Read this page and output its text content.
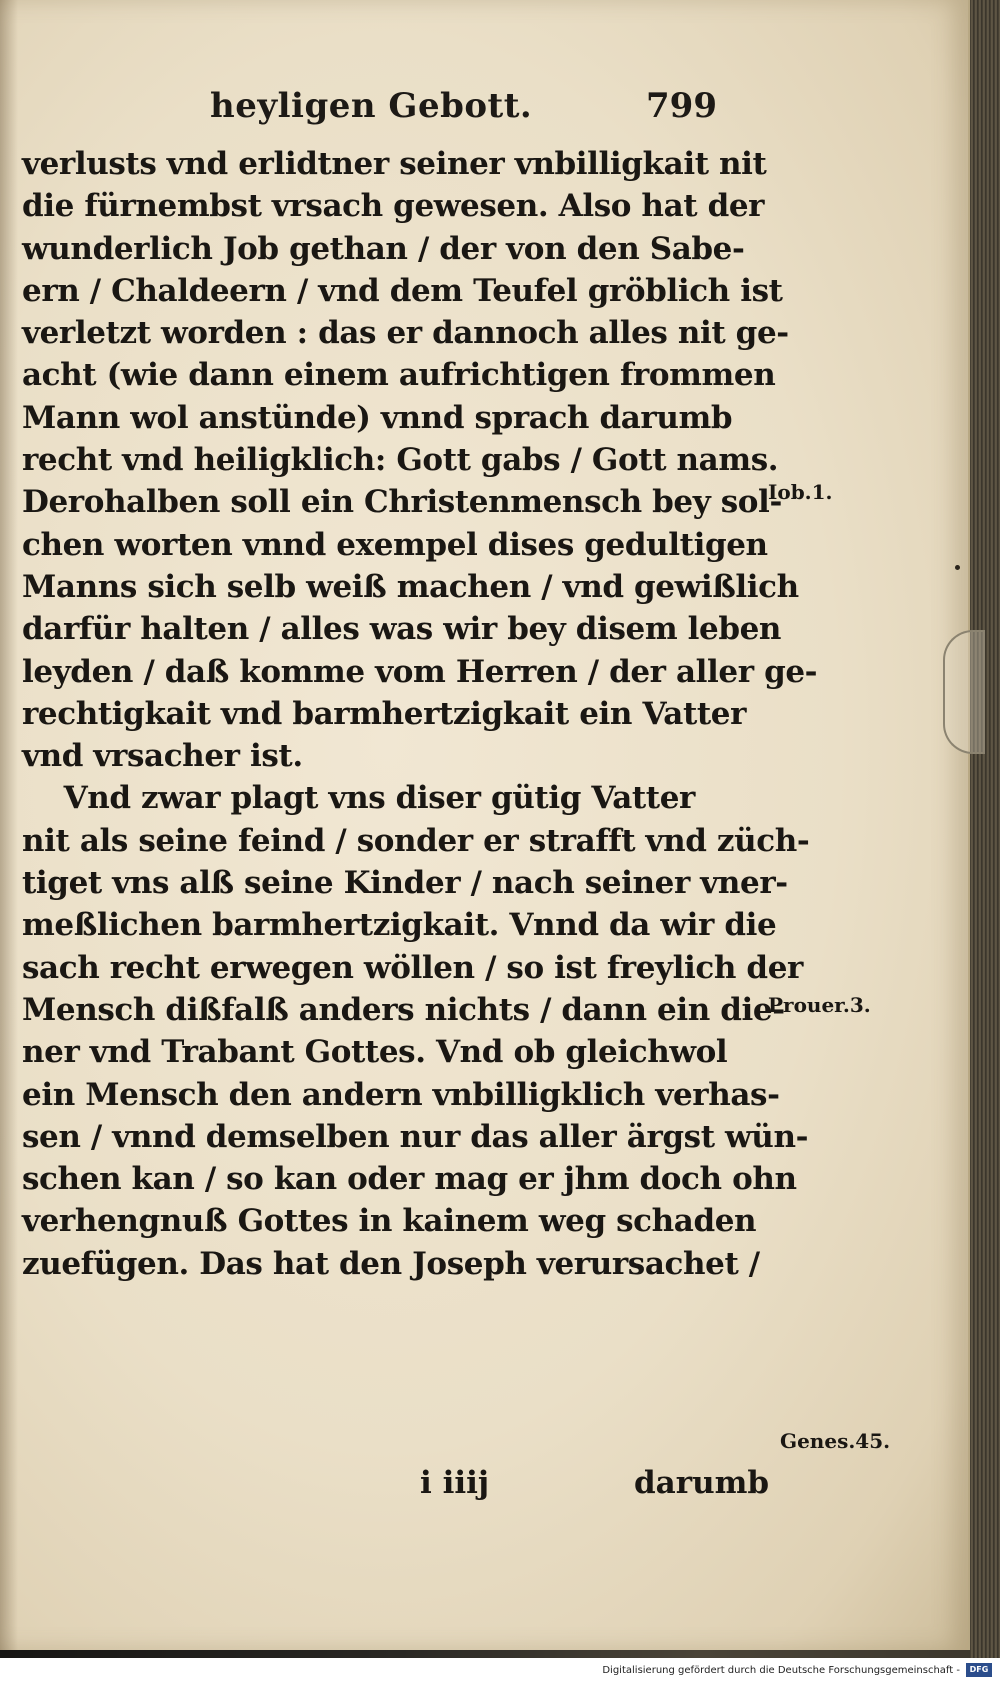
heyligen Gebott.	799
verlusts vnd erlidtner seiner vnbilligkait nit
die fürnembst vrsach gewesen. Also hat der
wunderlich Job gethan / der von den Sabe-
ern / Chaldeern / vnd dem Teufel gröblich ist
verletzt worden : das er dannoch alles nit ge-
acht (wie dann einem aufrichtigen frommen
Mann wol anstünde) vnnd sprach darumb
recht vnd heiligklich: Gott gabs / Gott nams.
Derohalben soll ein Christenmensch bey sol-
chen worten vnnd exempel dises gedultigen
Manns sich selb weiß machen / vnd gewißlich
darfür halten / alles was wir bey disem leben
leyden / daß komme vom Herren / der aller ge-
rechtigkait vnd barmhertzigkait ein Vatter
vnd vrsacher ist.
Vnd zwar plagt vns diser gütig Vatter
nit als seine feind / sonder er strafft vnd züch-
tiget vns alß seine Kinder / nach seiner vner-
meßlichen barmhertzigkait. Vnnd da wir die
sach recht erwegen wöllen / so ist freylich der
Mensch dißfalß anders nichts / dann ein die-
ner vnd Trabant Gottes. Vnd ob gleichwol
ein Mensch den andern vnbilligklich verhas-
sen / vnnd demselben nur das aller ärgst wün-
schen kan / so kan oder mag er jhm doch ohn
verhengnuß Gottes in kainem weg schaden
zuefügen. Das hat den Joseph verursachet /
Iob.1.
Prouer.3.
Genes.45.
i iiij	darumb
Digitalisierung gefördert durch die Deutsche Forschungsgemeinschaft -	DFG
